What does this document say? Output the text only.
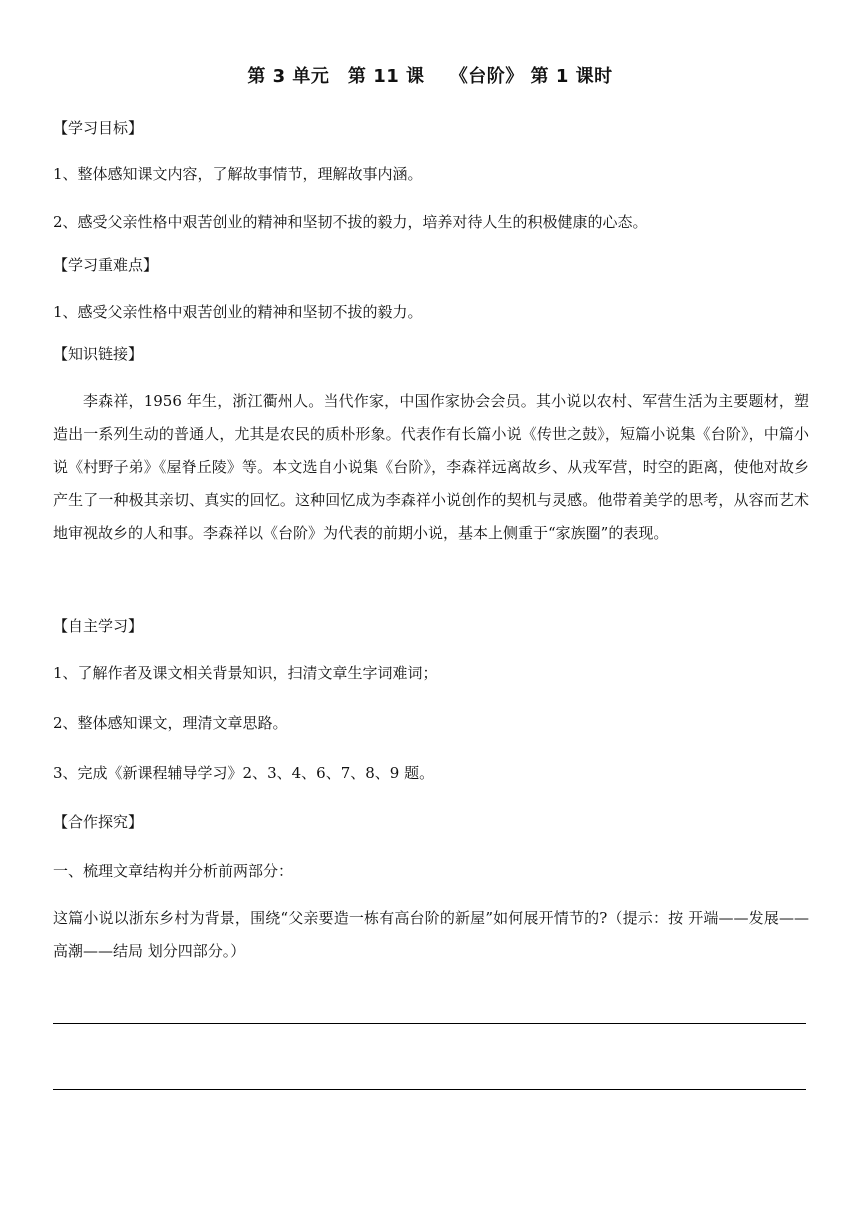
第 3 单元　第 11 课　 《台阶》 第 1 课时
【学习目标】
1、整体感知课文内容，了解故事情节，理解故事内涵。
2、感受父亲性格中艰苦创业的精神和坚韧不拔的毅力，培养对待人生的积极健康的心态。
【学习重难点】
1、感受父亲性格中艰苦创业的精神和坚韧不拔的毅力。
【知识链接】
李森祥，1956 年生，浙江衢州人。当代作家，中国作家协会会员。其小说以农村、军营生活为主要题材，塑造出一系列生动的普通人，尤其是农民的质朴形象。代表作有长篇小说《传世之鼓》，短篇小说集《台阶》，中篇小说《村野子弟》《屋脊丘陵》等。本文选自小说集《台阶》，李森祥远离故乡、从戎军营，时空的距离，使他对故乡产生了一种极其亲切、真实的回忆。这种回忆成为李森祥小说创作的契机与灵感。他带着美学的思考，从容而艺术地审视故乡的人和事。李森祥以《台阶》为代表的前期小说，基本上侧重于“家族圈”的表现。
【自主学习】
1、了解作者及课文相关背景知识，扫清文章生字词难词；
2、整体感知课文，理清文章思路。
3、完成《新课程辅导学习》2、3、4、6、7、8、9 题。
【合作探究】
一、梳理文章结构并分析前两部分：
这篇小说以浙东乡村为背景，围绕“父亲要造一栋有高台阶的新屋”如何展开情节的?（提示：按 开端——发展——高潮——结局 划分四部分。）
